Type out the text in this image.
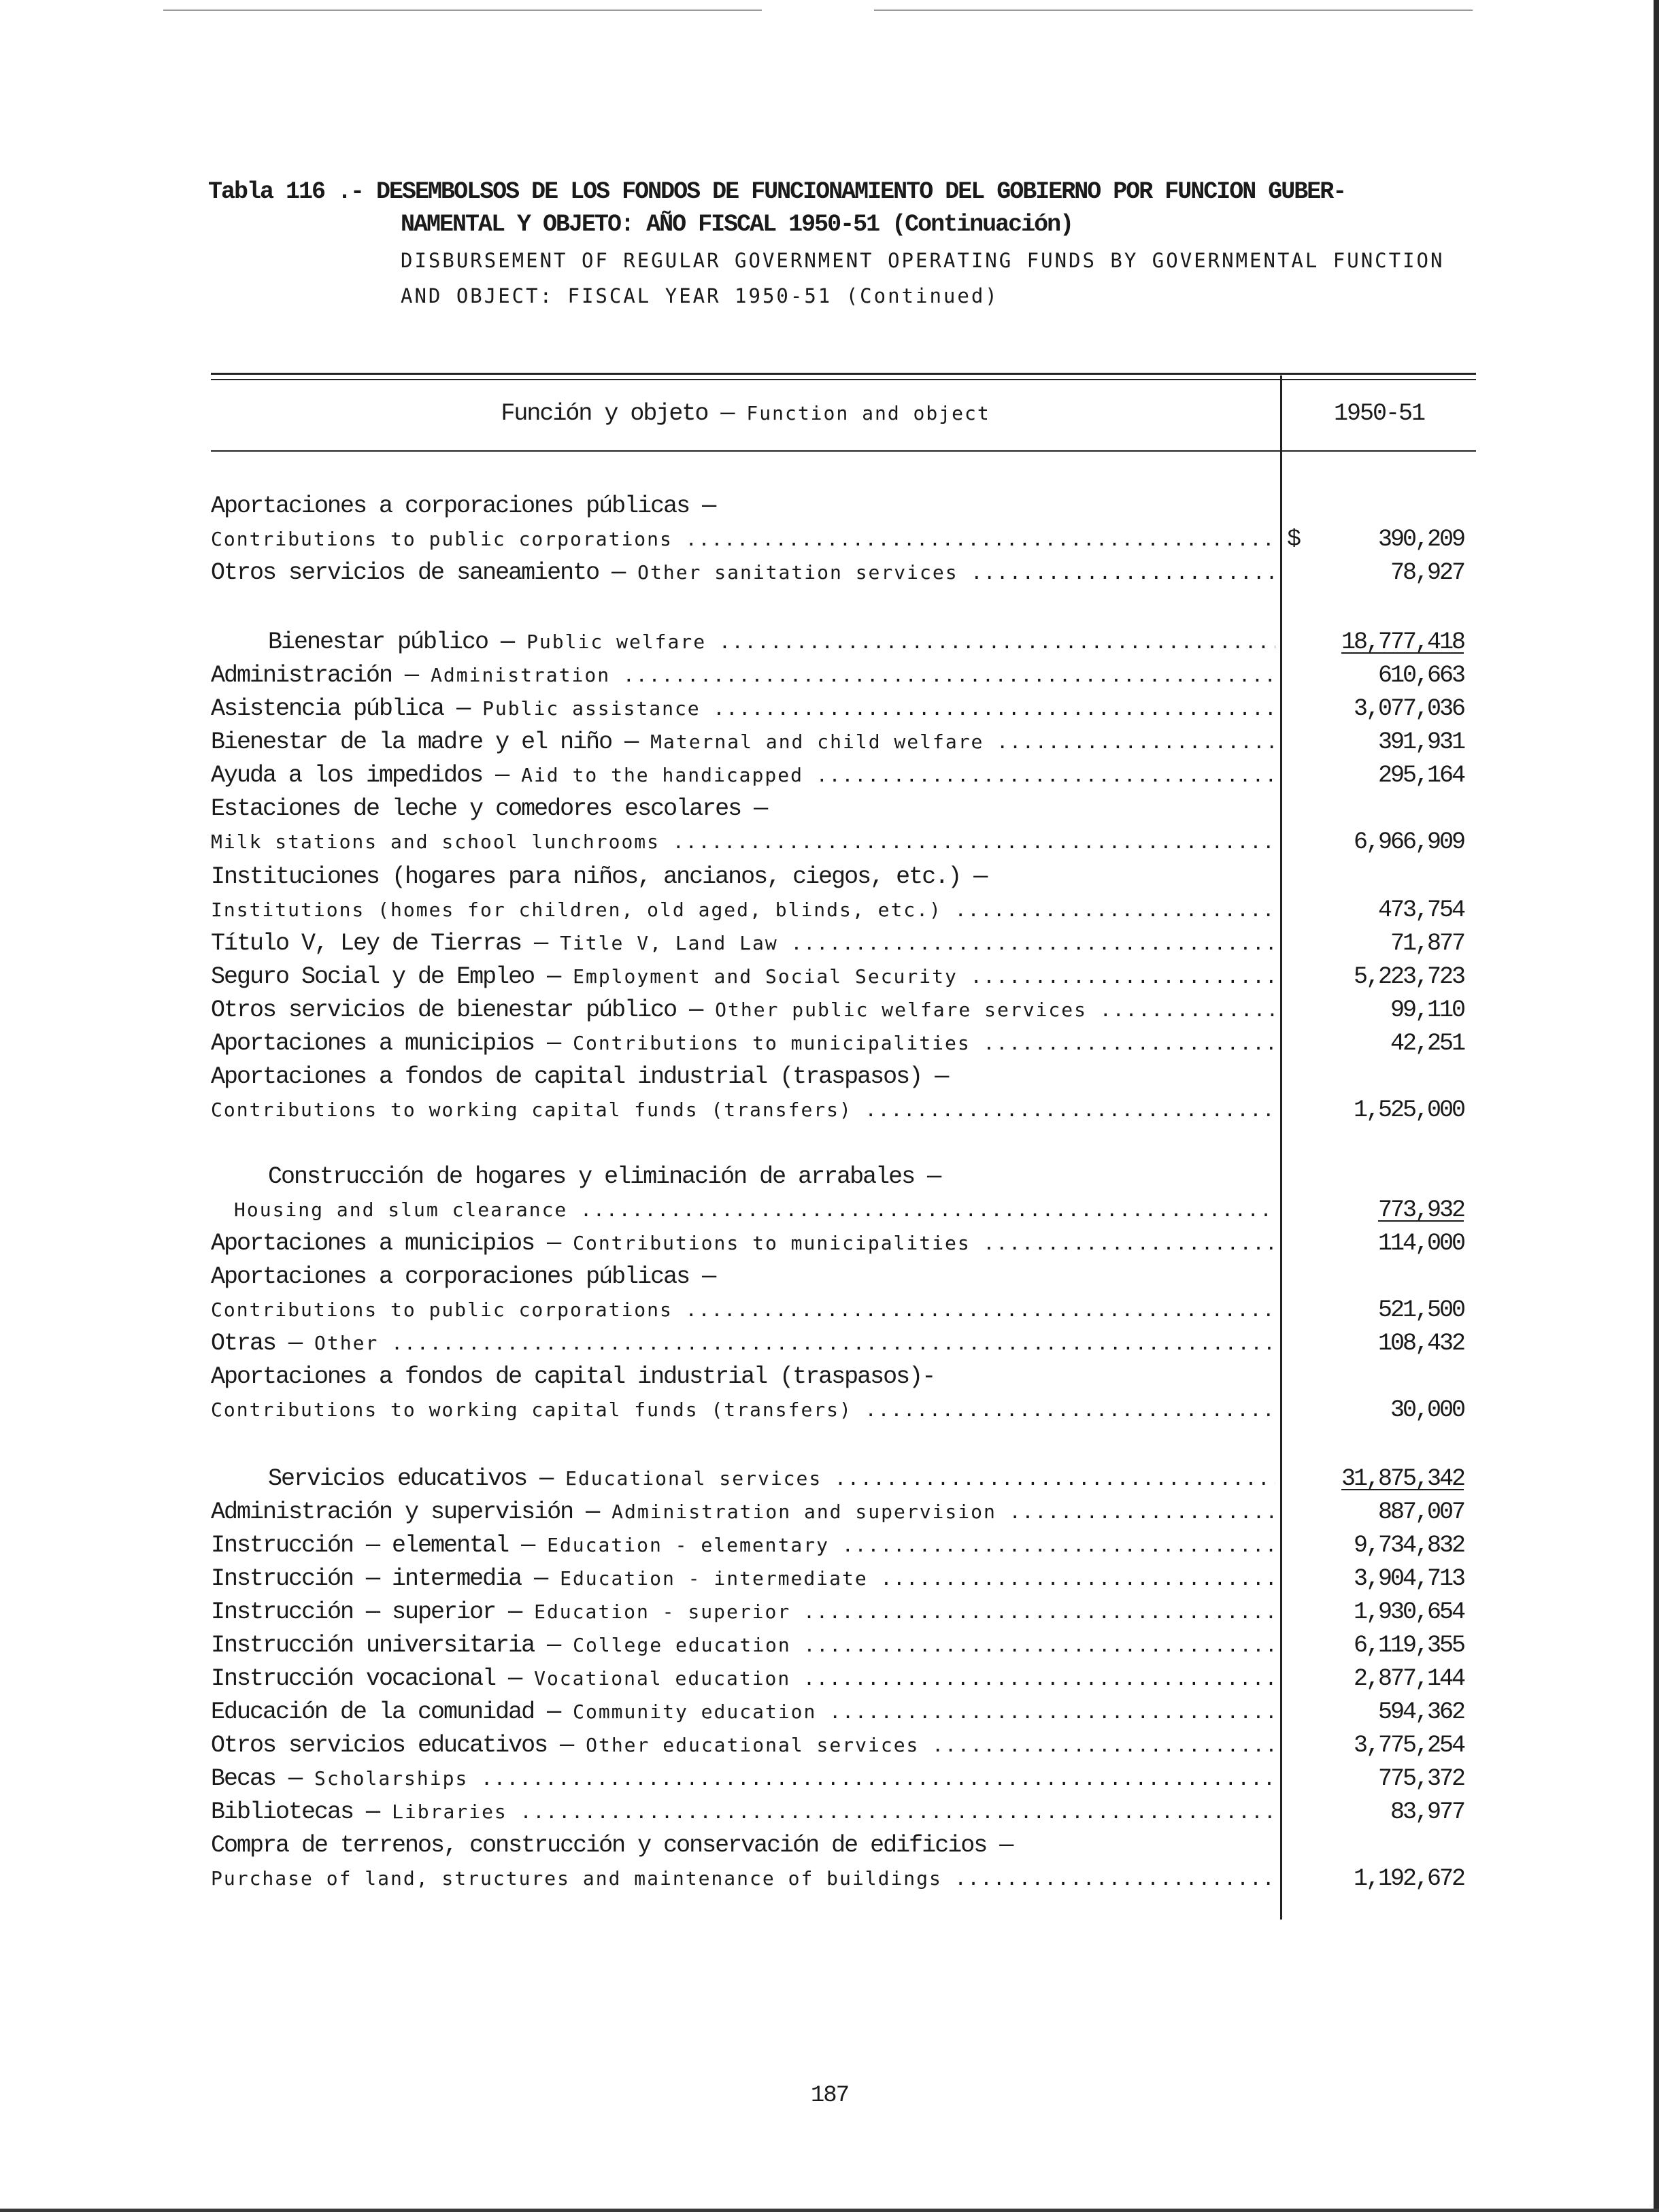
Tabla 116 .- DESEMBOLSOS DE LOS FONDOS DE FUNCIONAMIENTO DEL GOBIERNO POR FUNCION GUBER-
NAMENTAL Y OBJETO: AÑO FISCAL 1950-51 (Continuación)
DISBURSEMENT OF REGULAR GOVERNMENT OPERATING FUNDS BY GOVERNMENTAL FUNCTION
AND OBJECT: FISCAL YEAR 1950-51 (Continued)
Función y objeto — Function and object	1950-51
Aportaciones a corporaciones públicas —
Contributions to public corporations .....	$	390,209
Otros servicios de saneamiento — Other sanitation services .....	78,927
Bienestar público — Public welfare .....	18,777,418
Administración — Administration .....	610,663
Asistencia pública — Public assistance .....	3,077,036
Bienestar de la madre y el niño — Maternal and child welfare .....	391,931
Ayuda a los impedidos — Aid to the handicapped .....	295,164
Estaciones de leche y comedores escolares —
Milk stations and school lunchrooms .....	6,966,909
Instituciones (hogares para niños, ancianos, ciegos, etc.) —
Institutions (homes for children, old aged, blinds, etc.) .....	473,754
Título V, Ley de Tierras — Title V, Land Law .....	71,877
Seguro Social y de Empleo — Employment and Social Security .....	5,223,723
Otros servicios de bienestar público — Other public welfare services .....	99,110
Aportaciones a municipios — Contributions to municipalities .....	42,251
Aportaciones a fondos de capital industrial (traspasos) —
Contributions to working capital funds (transfers) .....	1,525,000
Construcción de hogares y eliminación de arrabales —
Housing and slum clearance .....	773,932
Aportaciones a municipios — Contributions to municipalities .....	114,000
Aportaciones a corporaciones públicas —
Contributions to public corporations .....	521,500
Otras — Other .....	108,432
Aportaciones a fondos de capital industrial (traspasos)-
Contributions to working capital funds (transfers) .....	30,000
Servicios educativos — Educational services .....	31,875,342
Administración y supervisión — Administration and supervision .....	887,007
Instrucción — elemental — Education - elementary .....	9,734,832
Instrucción — intermedia — Education - intermediate .....	3,904,713
Instrucción — superior — Education - superior .....	1,930,654
Instrucción universitaria — College education .....	6,119,355
Instrucción vocacional — Vocational education .....	2,877,144
Educación de la comunidad — Community education .....	594,362
Otros servicios educativos — Other educational services .....	3,775,254
Becas — Scholarships .....	775,372
Bibliotecas — Libraries .....	83,977
Compra de terrenos, construcción y conservación de edificios —
Purchase of land, structures and maintenance of buildings .....	1,192,672
187
